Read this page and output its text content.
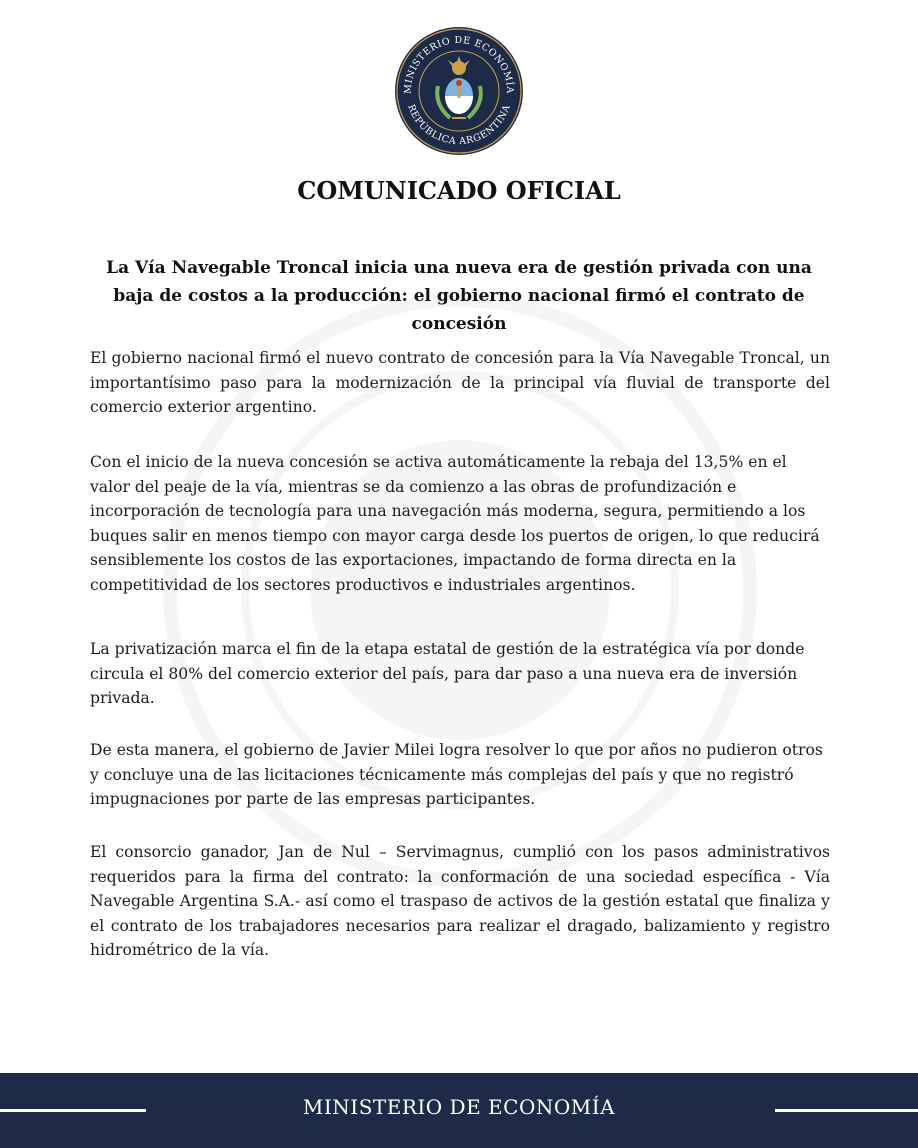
MINISTERIO DE ECONOMÍA
REPÚBLICA ARGENTINA
COMUNICADO OFICIAL

La Vía Navegable Troncal inicia una nueva era de gestión privada con una baja de costos a la producción: el gobierno nacional firmó el contrato de concesión

El gobierno nacional firmó el nuevo contrato de concesión para la Vía Navegable Troncal, un importantísimo paso para la modernización de la principal vía fluvial de transporte del comercio exterior argentino.

Con el inicio de la nueva concesión se activa automáticamente la rebaja del 13,5% en el valor del peaje de la vía, mientras se da comienzo a las obras de profundización e incorporación de tecnología para una navegación más moderna, segura, permitiendo a los buques salir en menos tiempo con mayor carga desde los puertos de origen, lo que reducirá sensiblemente los costos de las exportaciones, impactando de forma directa en la competitividad de los sectores productivos e industriales argentinos.

La privatización marca el fin de la etapa estatal de gestión de la estratégica vía por donde circula el 80% del comercio exterior del país, para dar paso a una nueva era de inversión privada.

De esta manera, el gobierno de Javier Milei logra resolver lo que por años no pudieron otros y concluye una de las licitaciones técnicamente más complejas del país y que no registró impugnaciones por parte de las empresas participantes.

El consorcio ganador, Jan de Nul – Servimagnus, cumplió con los pasos administrativos requeridos para la firma del contrato: la conformación de una sociedad específica - Vía Navegable Argentina S.A.- así como el traspaso de activos de la gestión estatal que finaliza y el contrato de los trabajadores necesarios para realizar el dragado, balizamiento y registro hidrométrico de la vía.

MINISTERIO DE ECONOMÍA
